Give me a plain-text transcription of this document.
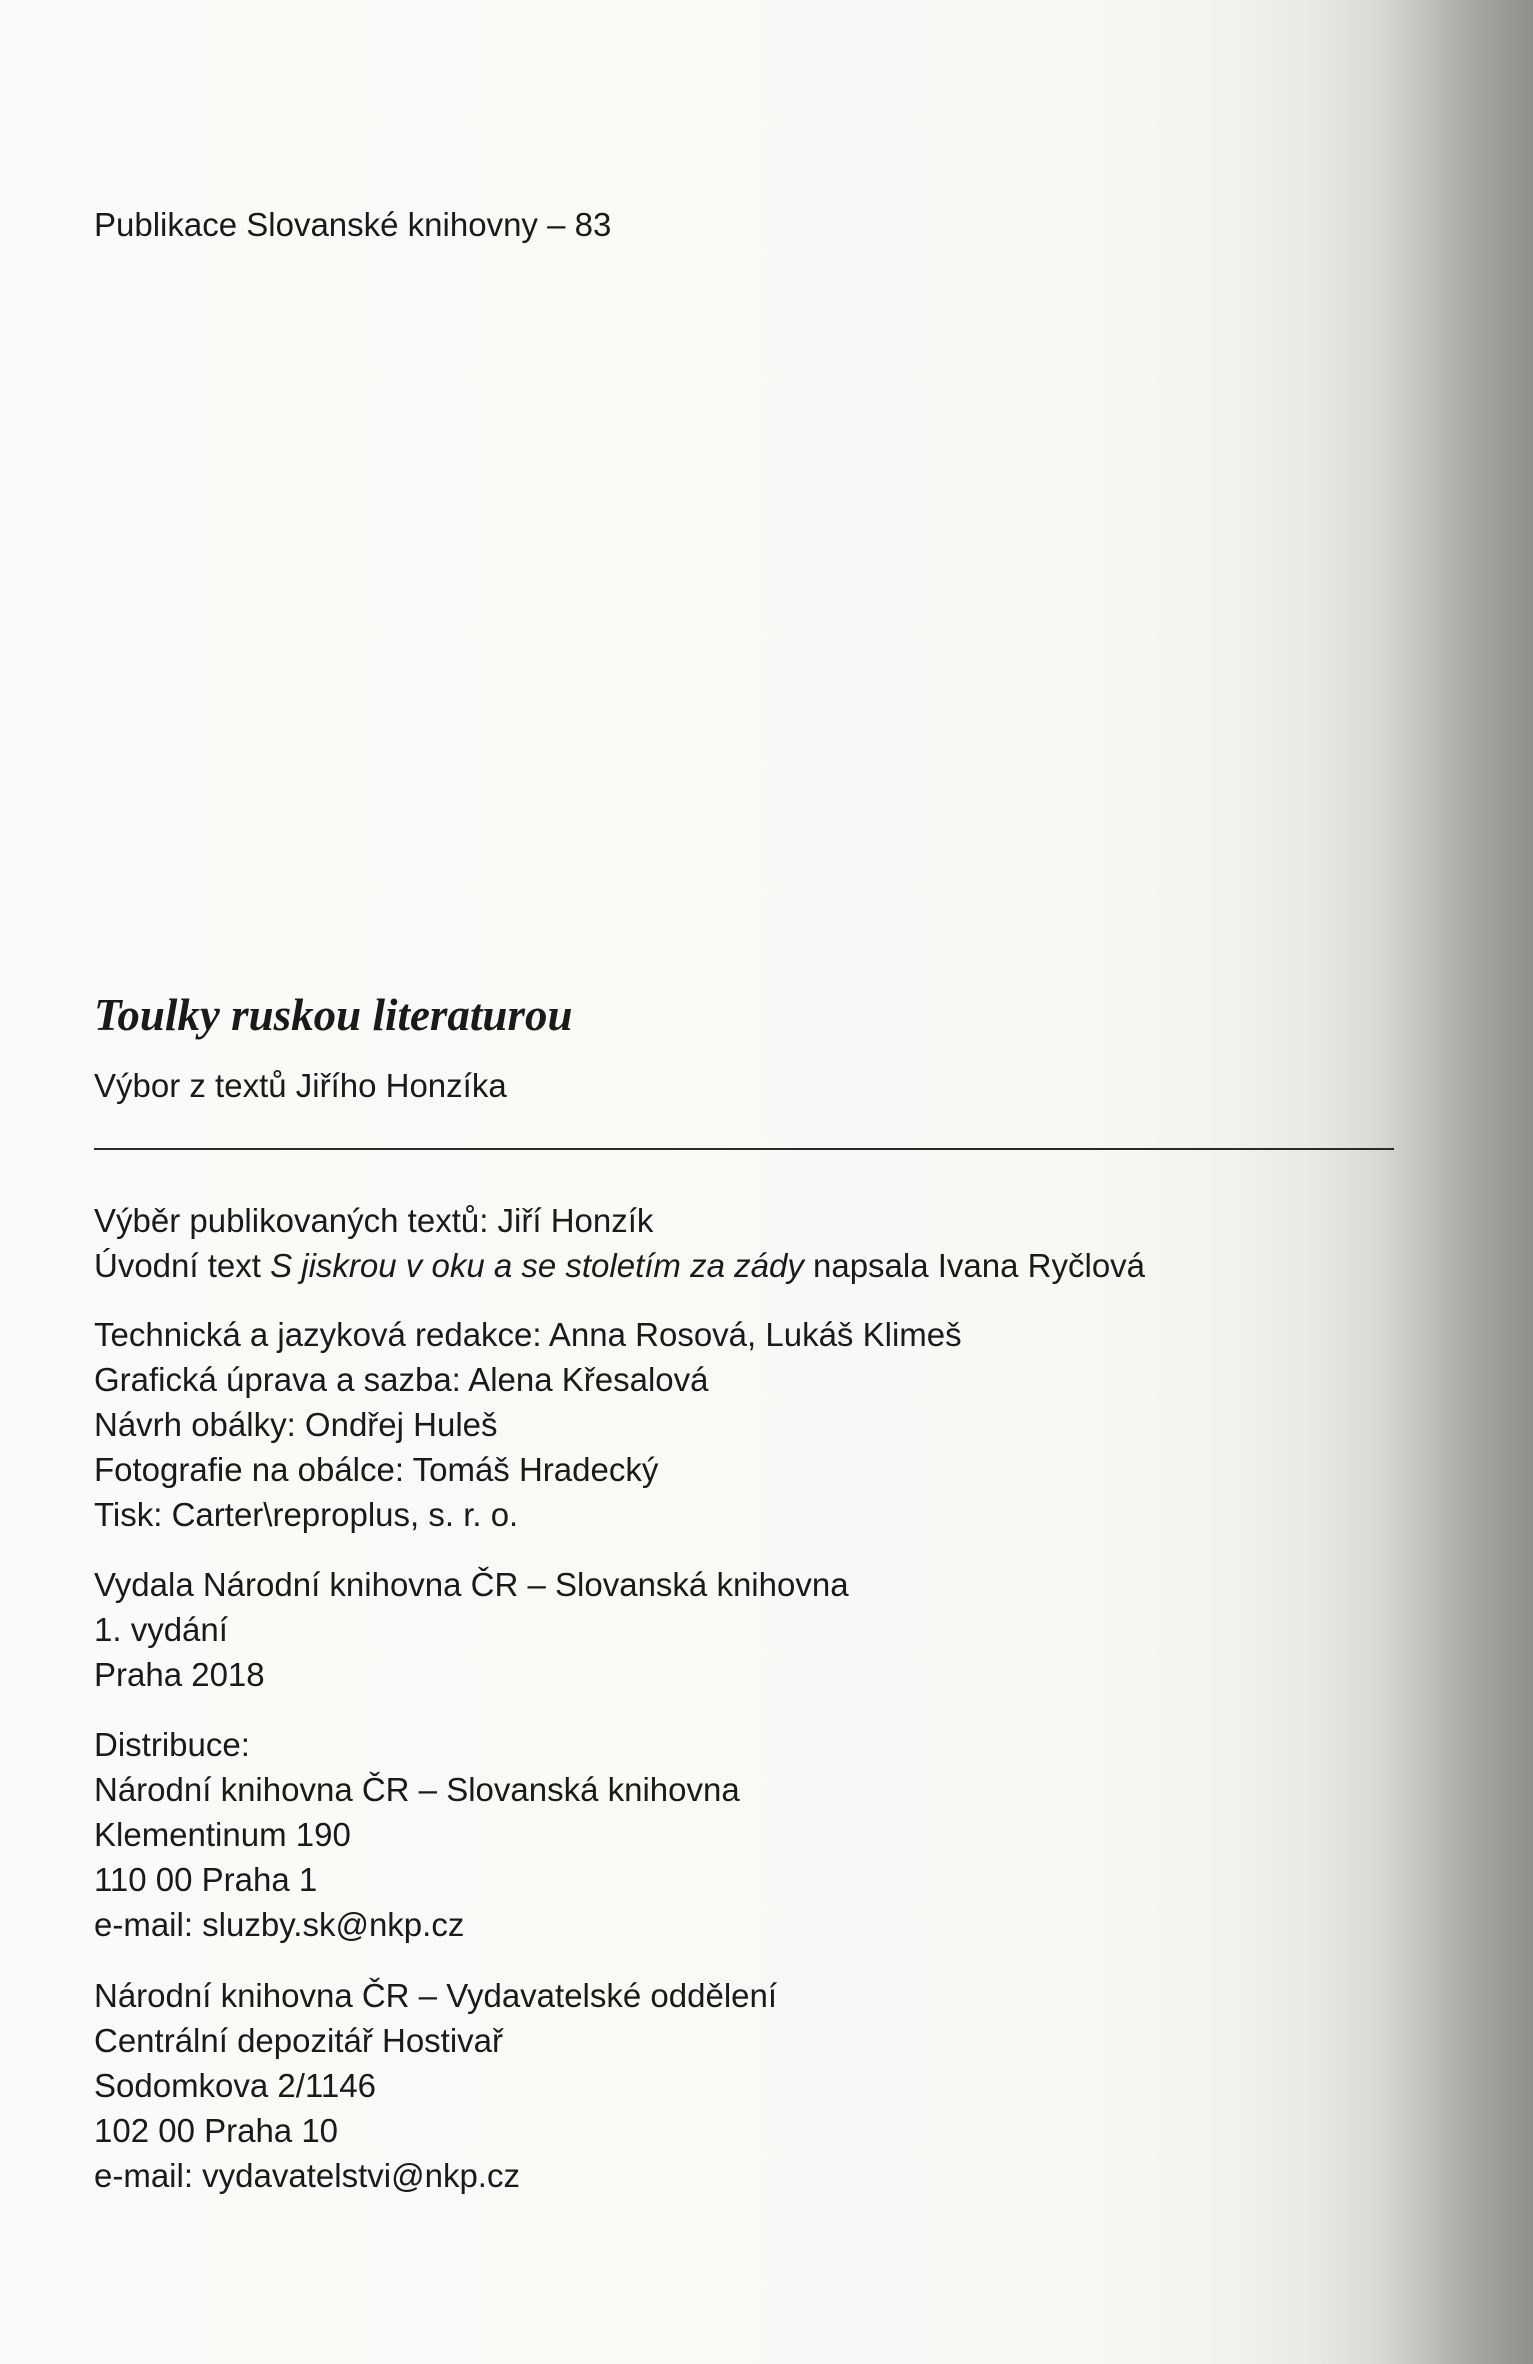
Publikace Slovanské knihovny – 83
Toulky ruskou literaturou
Výbor z textů Jiřího Honzíka

Výběr publikovaných textů: Jiří Honzík

Úvodní text S jiskrou v oku a se stoletím za zády napsala Ivana Ryčlová

Technická a jazyková redakce: Anna Rosová, Lukáš Klimeš

Grafická úprava a sazba: Alena Křesalová

Návrh obálky: Ondřej Huleš

Fotografie na obálce: Tomáš Hradecký

Tisk: Carter\reproplus, s. r. o.

Vydala Národní knihovna ČR – Slovanská knihovna

1. vydání

Praha 2018

Distribuce:

Národní knihovna ČR – Slovanská knihovna

Klementinum 190

110 00 Praha 1

e-mail: sluzby.sk@nkp.cz

Národní knihovna ČR – Vydavatelské oddělení

Centrální depozitář Hostivař

Sodomkova 2/1146

102 00 Praha 10

e-mail: vydavatelstvi@nkp.cz
